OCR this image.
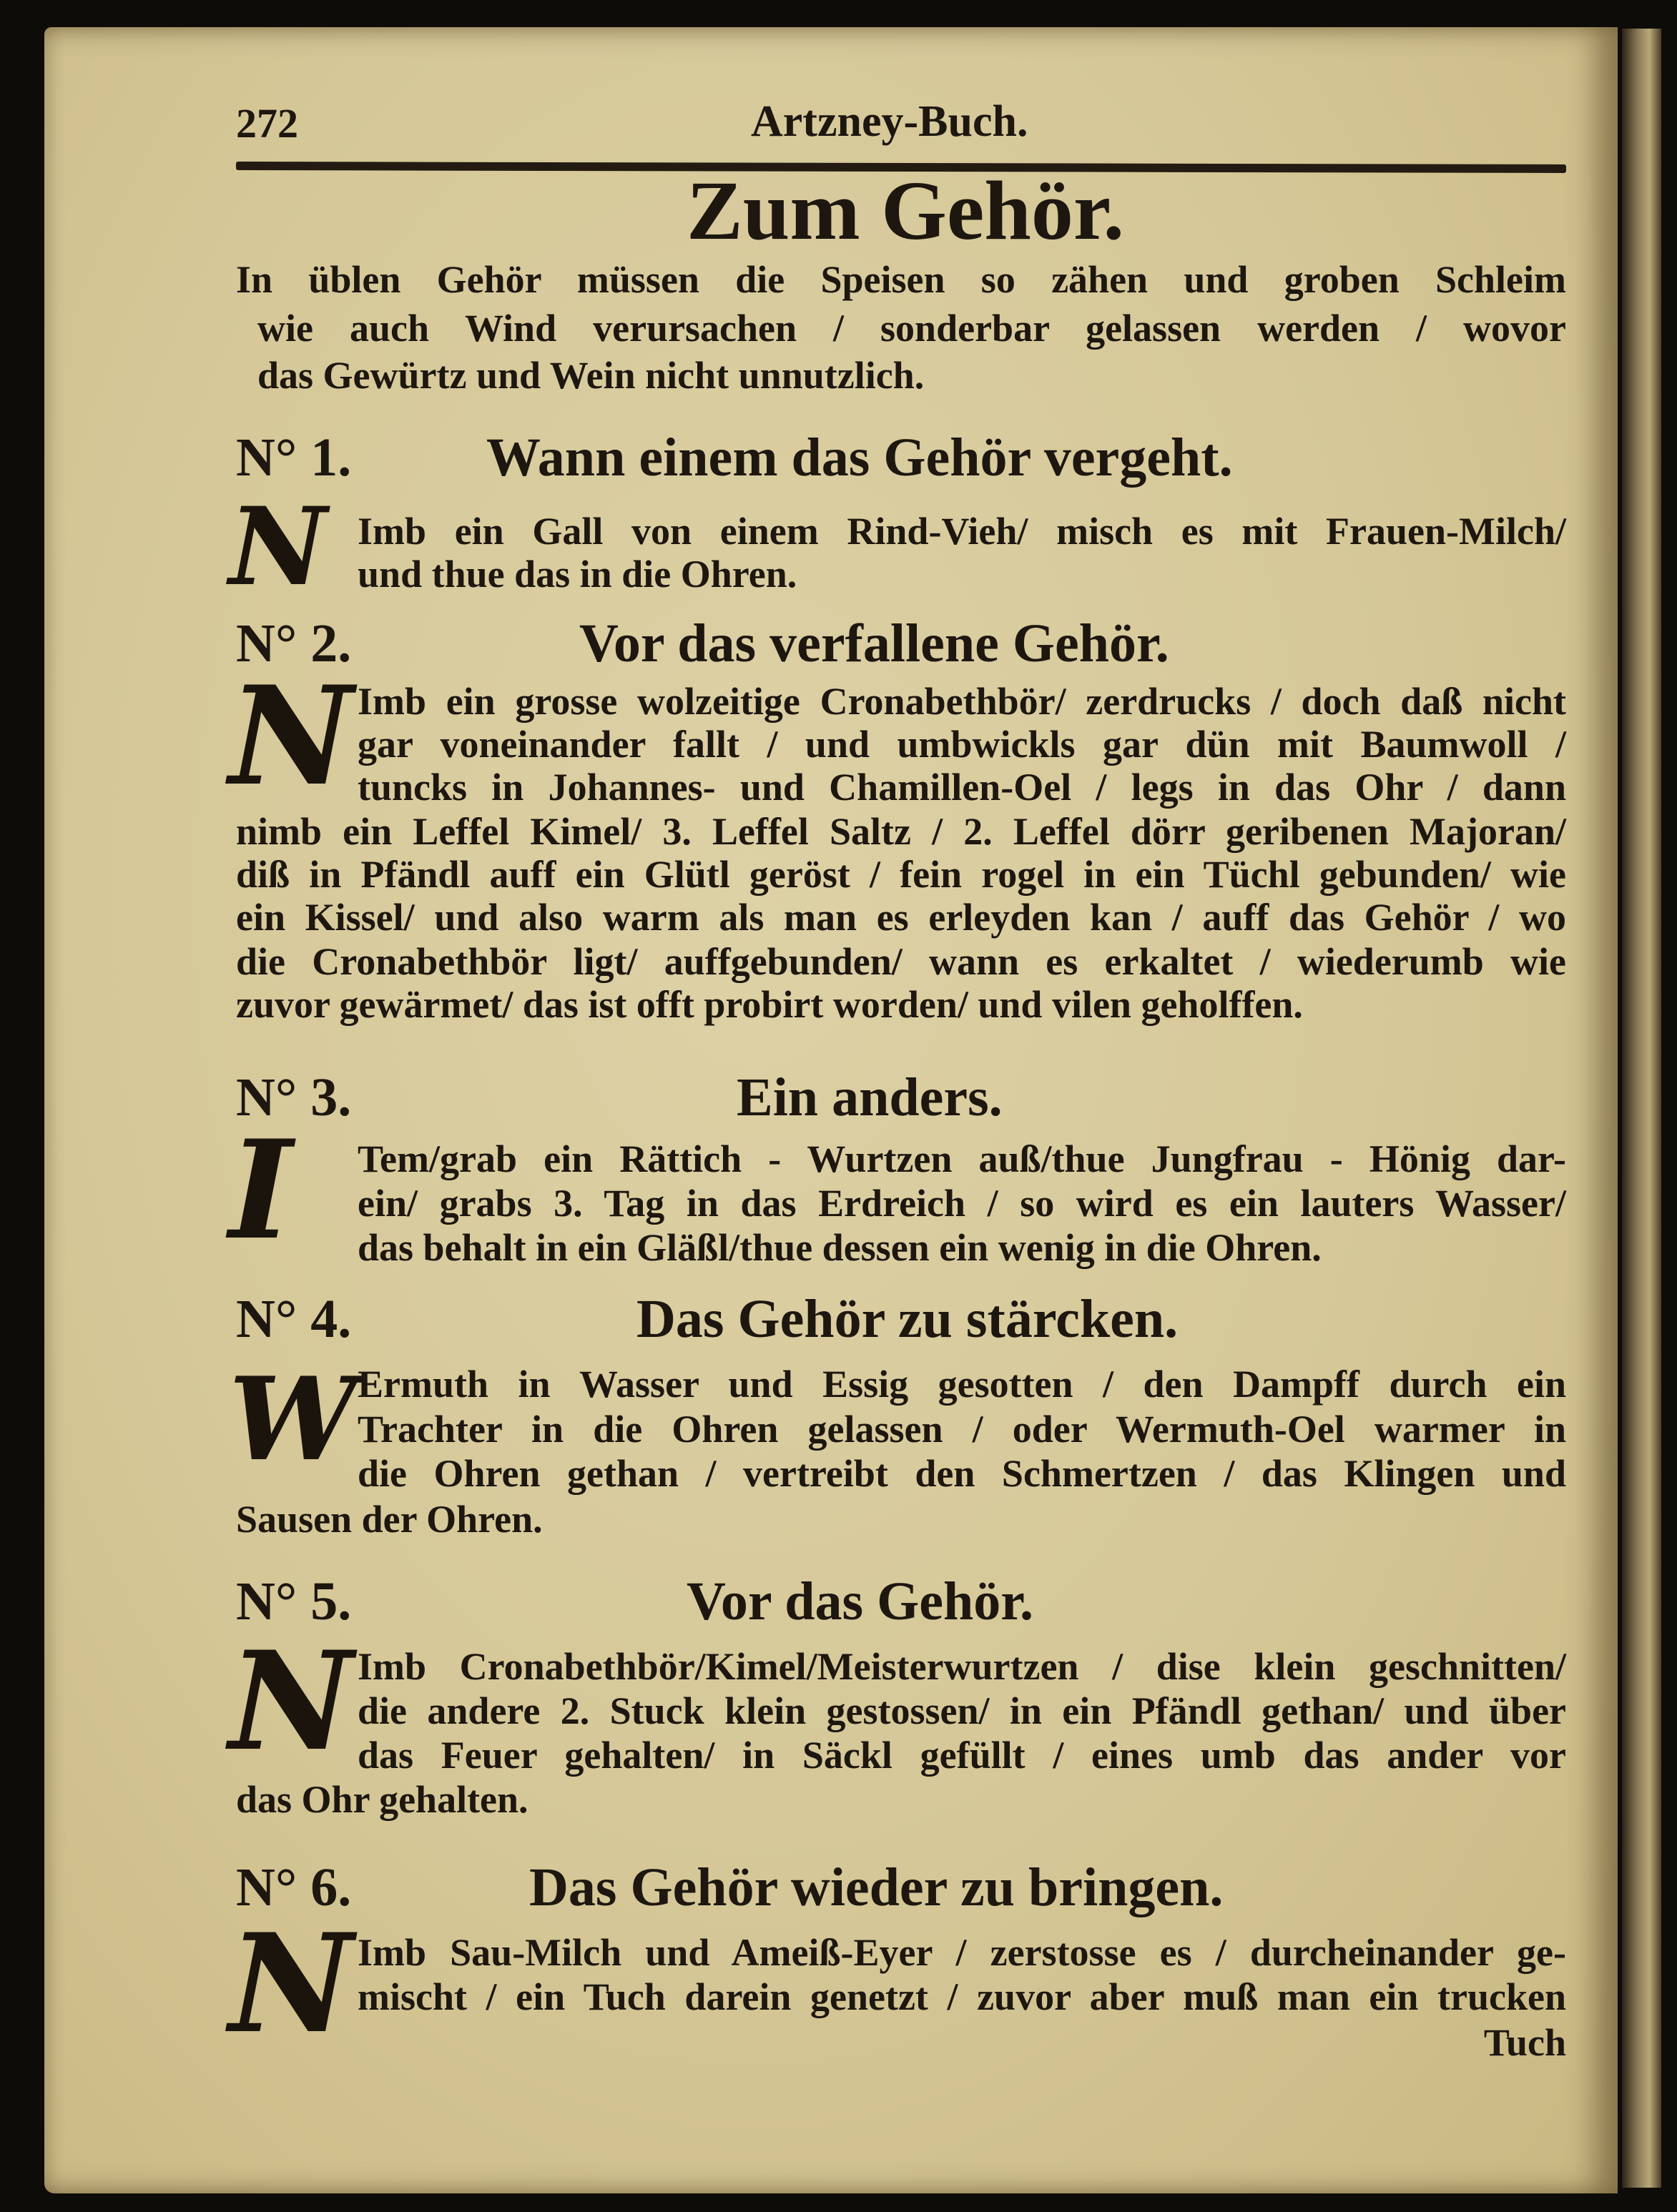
272	Artzney-Buch.
Zum Gehör.
In üblen Gehör müssen die Speisen so zähen und groben Schleim
wie auch Wind verursachen / sonderbar gelassen werden / wovor
das Gewürtz und Wein nicht unnutzlich.
N° 1. Wann einem das Gehör vergeht.
N Imb ein Gall von einem Rind-Vieh/ misch es mit Frauen-Milch/
und thue das in die Ohren.
N° 2.	Vor das verfallene Gehör.
N Imb ein grosse wolzeitige Cronabethbör/ zerdrucks / doch daß nicht
gar voneinander fallt / und umbwickls gar dün mit Baumwoll /
tuncks in Johannes- und Chamillen-Oel / legs in das Ohr / dann
nimb ein Leffel Kimel/ 3. Leffel Saltz / 2. Leffel dörr geribenen Majoran/
diß in Pfändl auff ein Glütl geröst / fein rogel in ein Tüchl gebunden/ wie
ein Kissel/ und also warm als man es erleyden kan / auff das Gehör / wo
die Cronabethbör ligt/ auffgebunden/ wann es erkaltet / wiederumb wie
zuvor gewärmet/ das ist offt probirt worden/ und vilen geholffen.
N° 3.	Ein anders.
I Tem/grab ein Rättich - Wurtzen auß/thue Jungfrau - Hönig dar-
ein/ grabs 3. Tag in das Erdreich / so wird es ein lauters Wasser/
das behalt in ein Gläßl/thue dessen ein wenig in die Ohren.
N° 4.	Das Gehör zu stärcken.
W Ermuth in Wasser und Essig gesotten / den Dampff durch ein
Trachter in die Ohren gelassen / oder Wermuth-Oel warmer in
die Ohren gethan / vertreibt den Schmertzen / das Klingen und
Sausen der Ohren.
N° 5.	Vor das Gehör.
N Imb Cronabethbör/Kimel/Meisterwurtzen / dise klein geschnitten/
die andere 2. Stuck klein gestossen/ in ein Pfändl gethan/ und über
das Feuer gehalten/ in Säckl gefüllt / eines umb das ander vor
das Ohr gehalten.
N° 6.	Das Gehör wieder zu bringen.
N Imb Sau-Milch und Ameiß-Eyer / zerstosse es / durcheinander ge-
mischt / ein Tuch darein genetzt / zuvor aber muß man ein trucken
Tuch
